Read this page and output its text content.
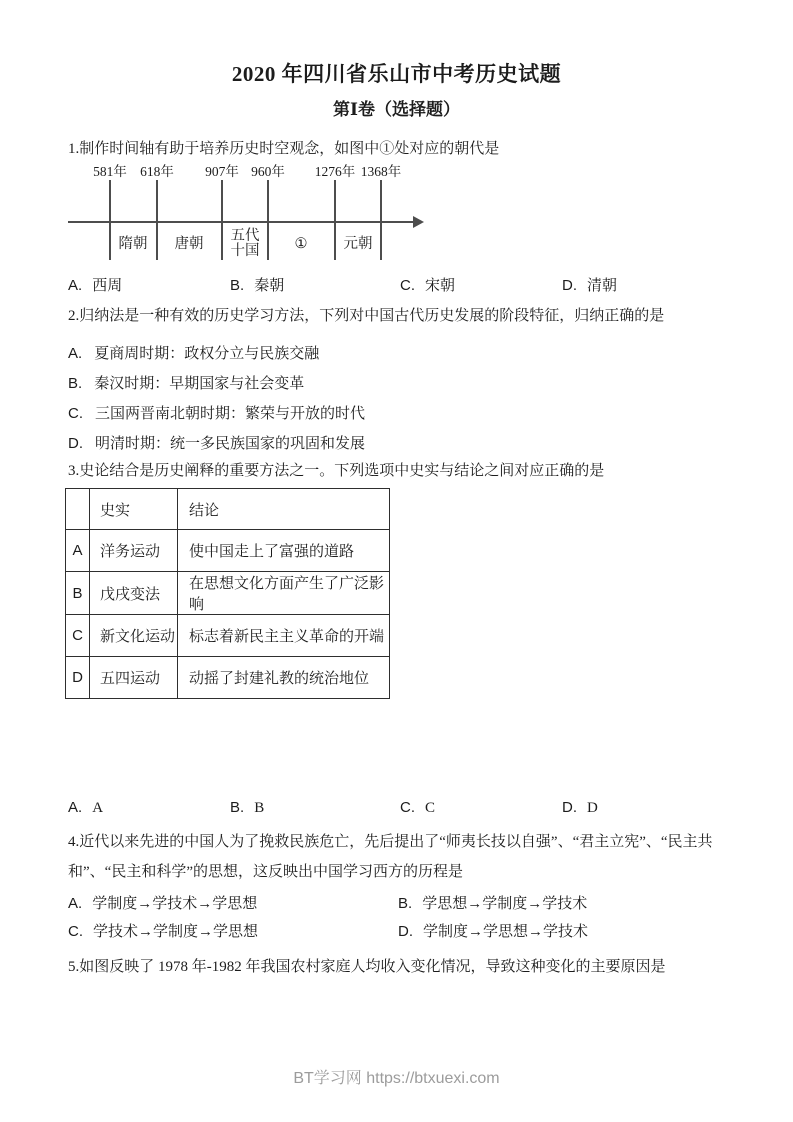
2020 年四川省乐山市中考历史试题
第Ⅰ卷（选择题）
1.制作时间轴有助于培养历史时空观念，如图中①处对应的朝代是
581年 618年 907年 960年 1276年 1368年
隋朝	唐朝	五代十国	①	元朝
A. 西周	B. 秦朝	C. 宋朝	D. 清朝
2.归纳法是一种有效的历史学习方法，下列对中国古代历史发展的阶段特征，归纳正确的是
A. 夏商周时期：政权分立与民族交融
B. 秦汉时期：早期国家与社会变革
C. 三国两晋南北朝时期：繁荣与开放的时代
D. 明清时期：统一多民族国家的巩固和发展
3.史论结合是历史阐释的重要方法之一。下列选项中史实与结论之间对应正确的是
	史实	结论
A	洋务运动	使中国走上了富强的道路
B	戊戌变法	在思想文化方面产生了广泛影响
C	新文化运动	标志着新民主主义革命的开端
D	五四运动	动摇了封建礼教的统治地位
A. A	B. B	C. C	D. D
4.近代以来先进的中国人为了挽救民族危亡，先后提出了“师夷长技以自强”、“君主立宪”、“民主共
和”、“民主和科学”的思想，这反映出中国学习西方的历程是
A. 学制度→学技术→学思想	B. 学思想→学制度→学技术
C. 学技术→学制度→学思想	D. 学制度→学思想→学技术
5.如图反映了 1978 年-1982 年我国农村家庭人均收入变化情况，导致这种变化的主要原因是
BT学习网 https://btxuexi.com
